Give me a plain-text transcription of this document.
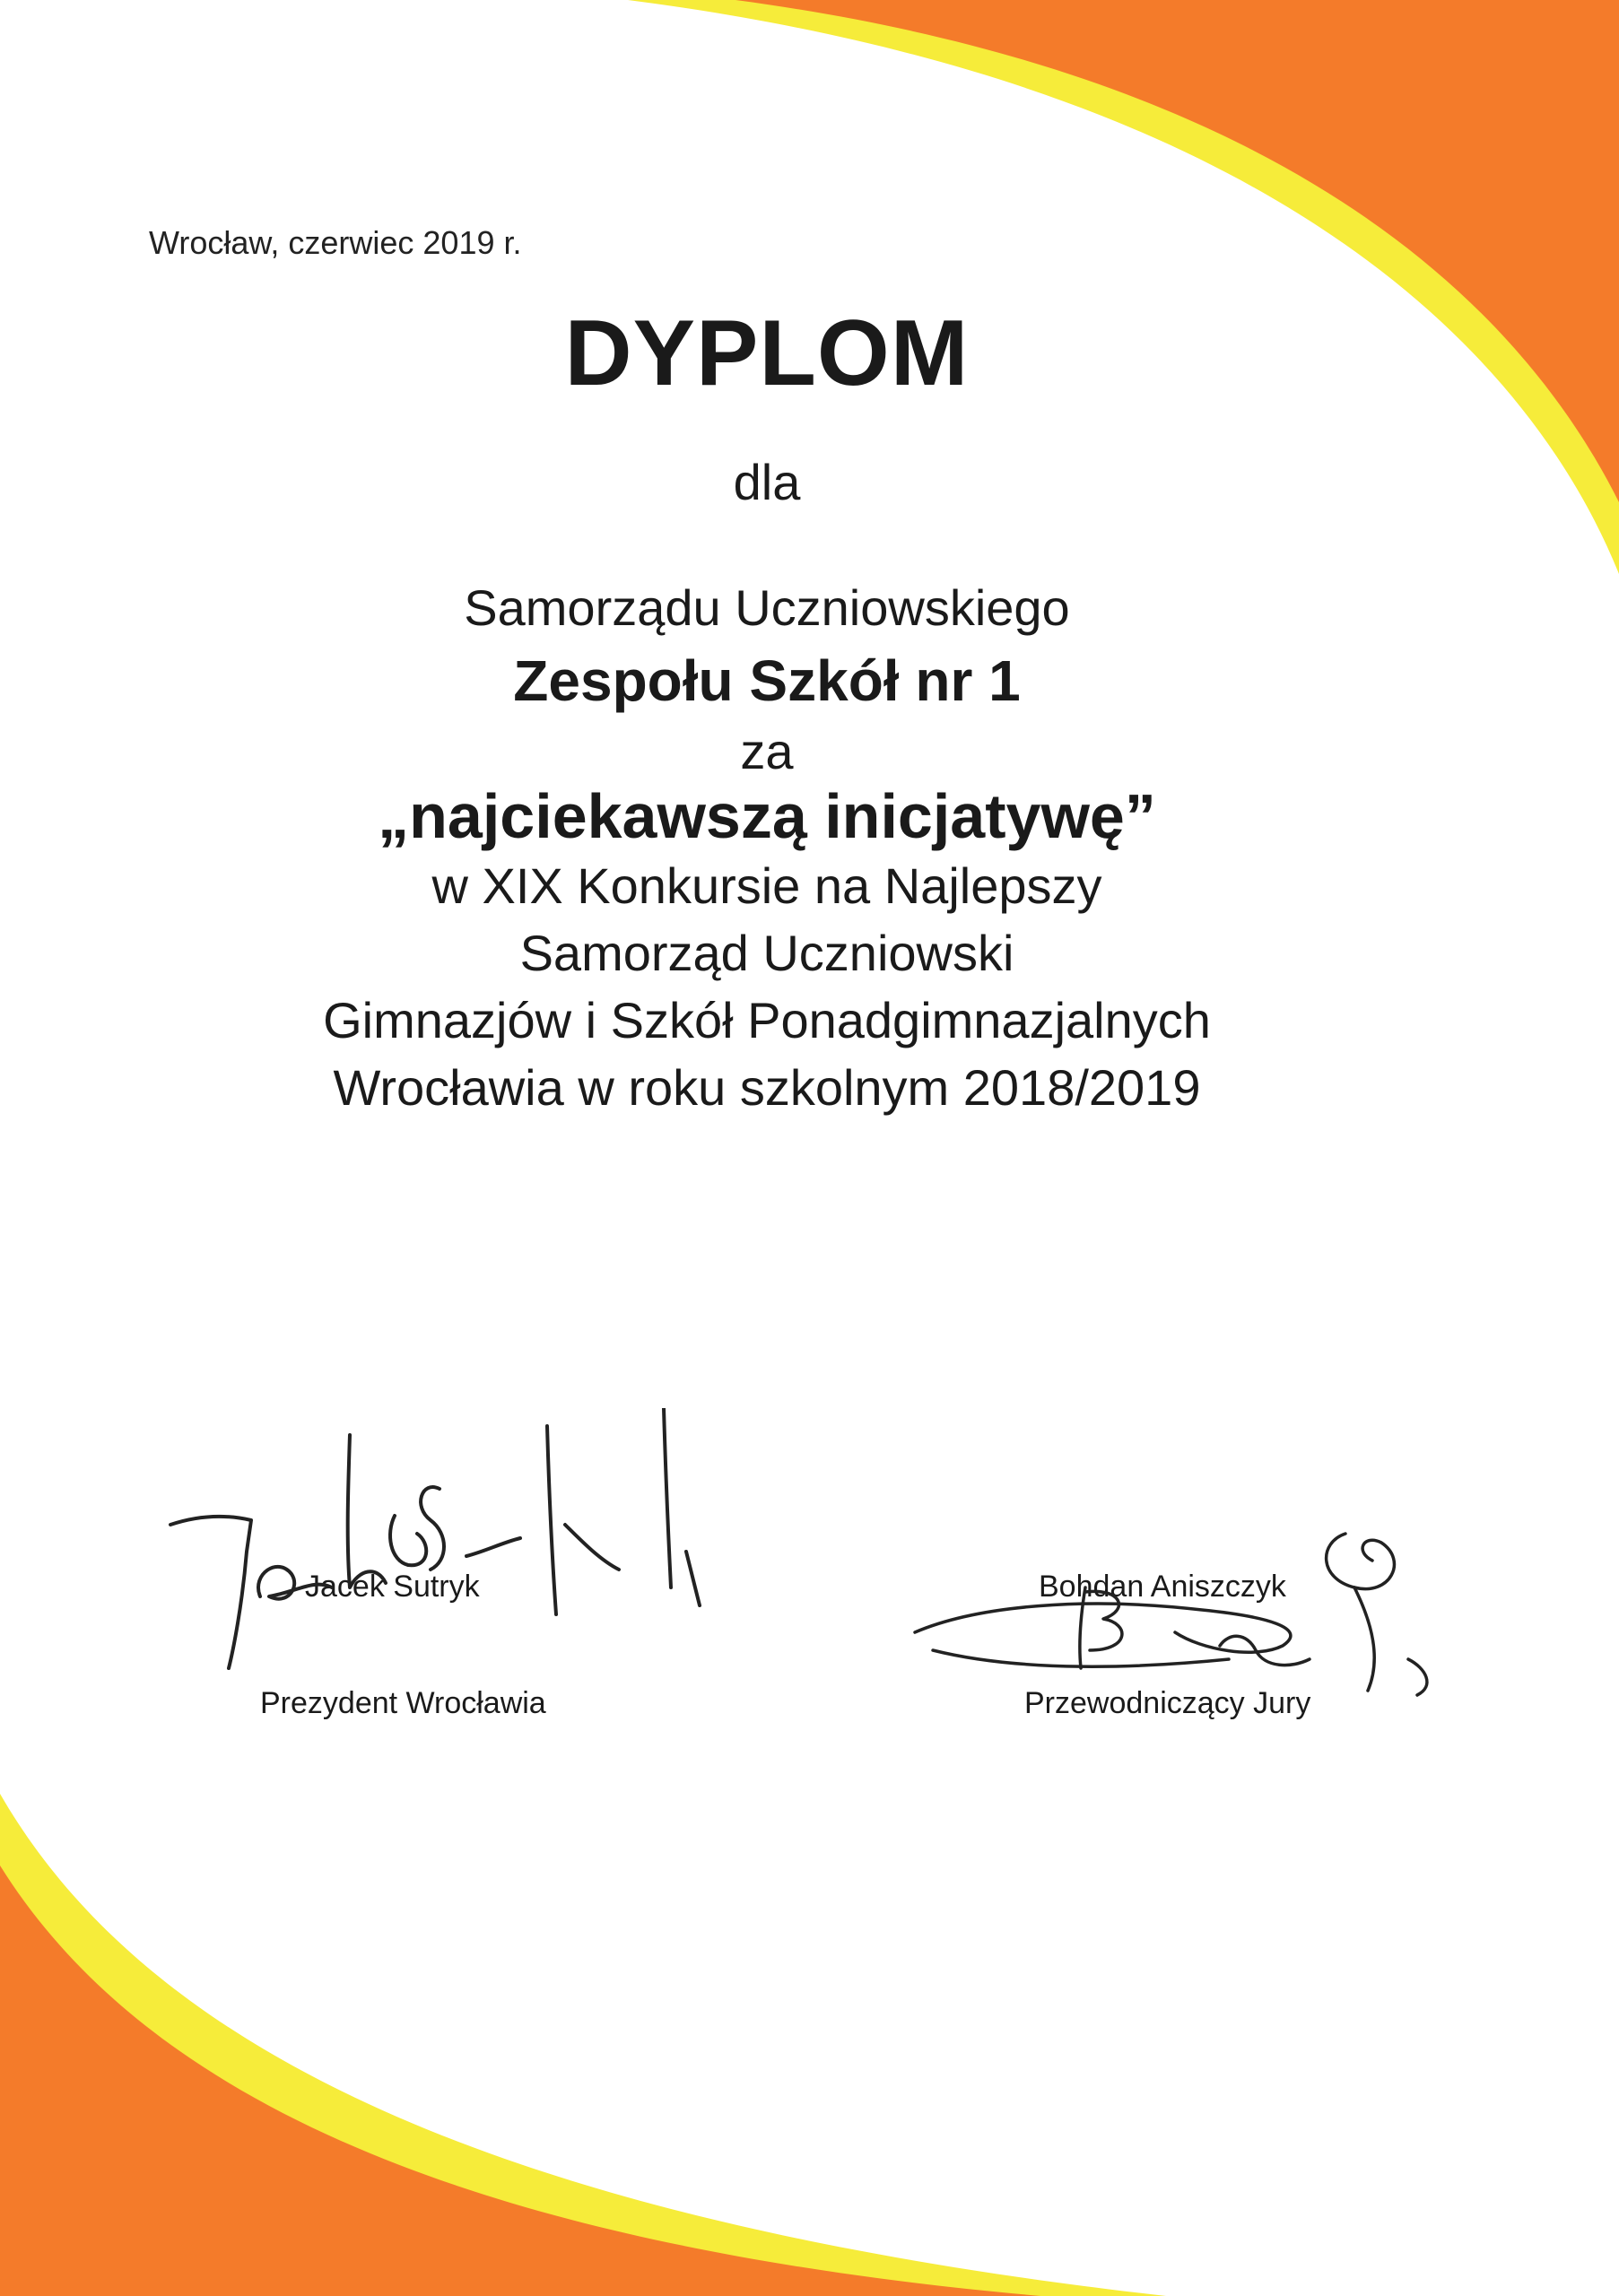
Wrocław, czerwiec 2019 r.
DYPLOM
dla
Samorządu Uczniowskiego
Zespołu Szkół nr 1
za
„najciekawszą inicjatywę”
w XIX Konkursie na Najlepszy
Samorząd Uczniowski
Gimnazjów i Szkół Ponadgimnazjalnych
Wrocławia w roku szkolnym 2018/2019
Jacek Sutryk
Prezydent Wrocławia
Bohdan Aniszczyk
Przewodniczący Jury
